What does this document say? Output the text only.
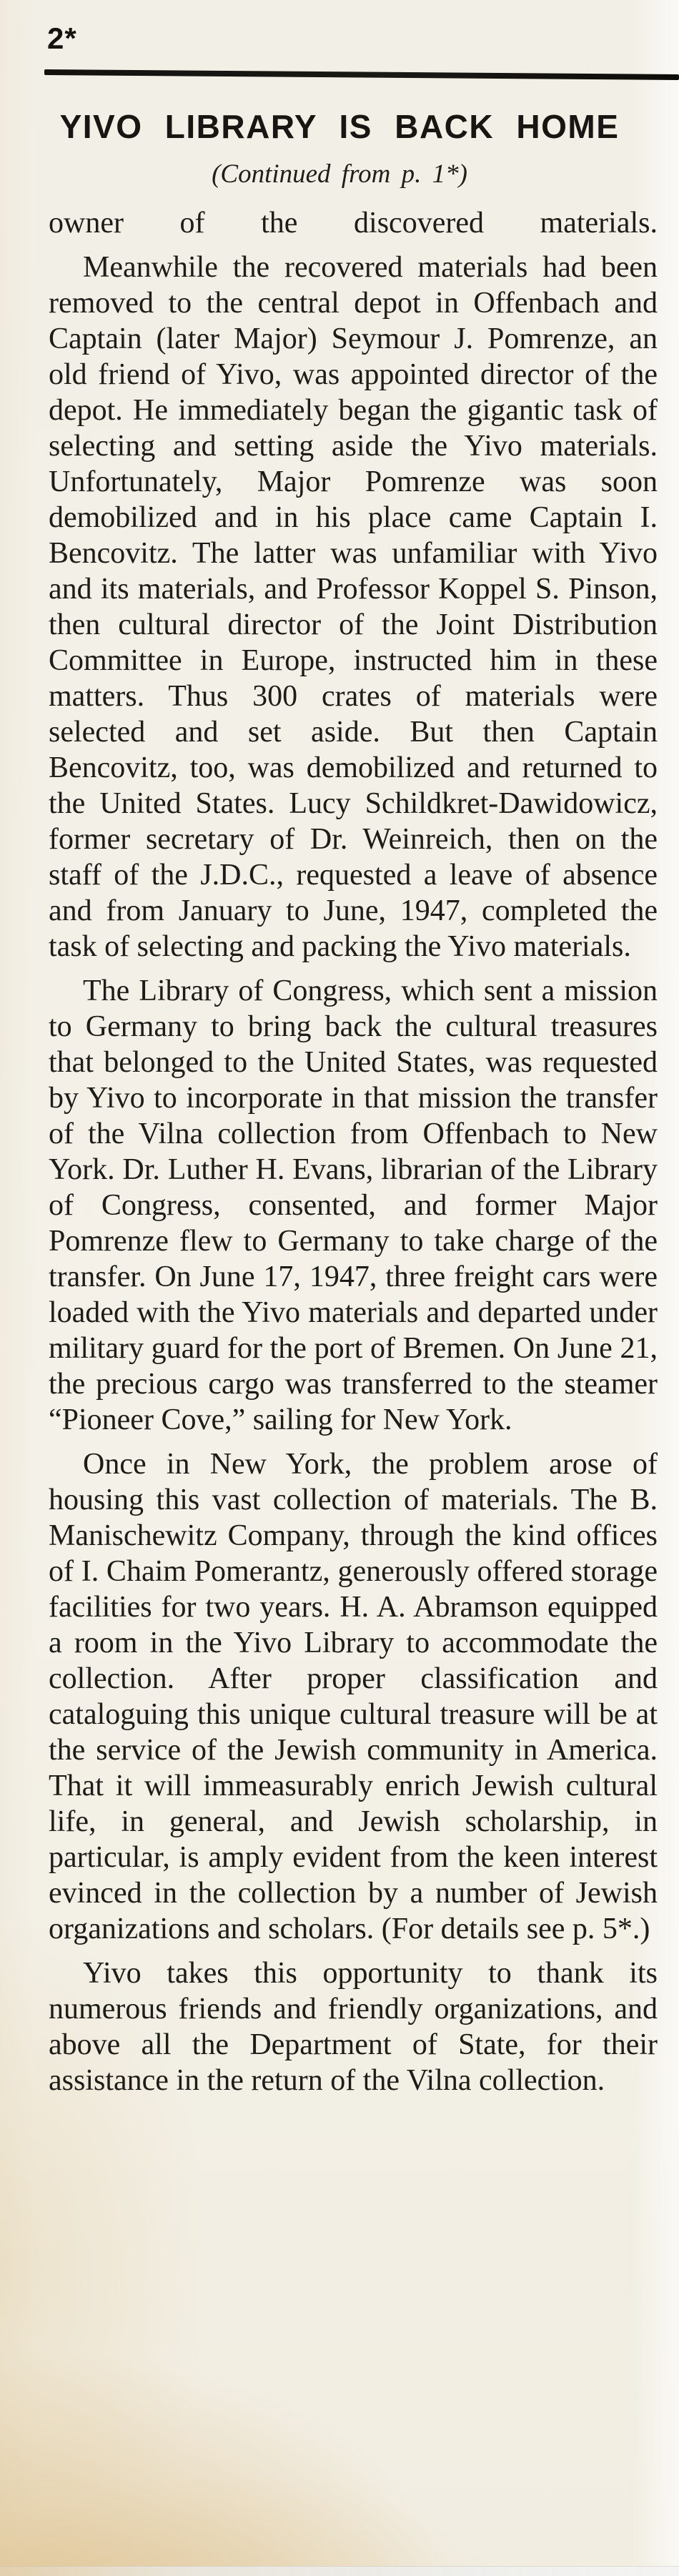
2*
YIVO LIBRARY IS BACK HOME
(Continued from p. 1*)

owner of the discovered materials.

Meanwhile the recovered materials had been removed to the central depot in Offenbach and Captain (later Major) Seymour J. Pomrenze, an old friend of Yivo, was appointed director of the depot. He immediately began the gigantic task of selecting and setting aside the Yivo materials. Unfortunately, Major Pomrenze was soon demobilized and in his place came Captain I. Bencovitz. The latter was unfamiliar with Yivo and its materials, and Professor Koppel S. Pinson, then cultural director of the Joint Distribution Committee in Europe, instructed him in these matters. Thus 300 crates of materials were selected and set aside. But then Captain Bencovitz, too, was demobilized and returned to the United States. Lucy Schildkret-Dawidowicz, former secretary of Dr. Weinreich, then on the staff of the J.D.C., requested a leave of absence and from January to June, 1947, completed the task of selecting and packing the Yivo materials.

The Library of Congress, which sent a mission to Germany to bring back the cultural treasures that belonged to the United States, was requested by Yivo to incorporate in that mission the transfer of the Vilna collection from Offenbach to New York. Dr. Luther H. Evans, librarian of the Library of Congress, consented, and former Major Pomrenze flew to Germany to take charge of the transfer. On June 17, 1947, three freight cars were loaded with the Yivo materials and departed under military guard for the port of Bremen. On June 21, the precious cargo was transferred to the steamer “Pioneer Cove,” sailing for New York.

Once in New York, the problem arose of housing this vast collection of materials. The B. Manischewitz Company, through the kind offices of I. Chaim Pomerantz, generously offered storage facilities for two years. H. A. Abramson equipped a room in the Yivo Library to accommodate the collection. After proper classification and cataloguing this unique cultural treasure will be at the service of the Jewish community in America. That it will immeasurably enrich Jewish cultural life, in general, and Jewish scholarship, in particular, is amply evident from the keen interest evinced in the collection by a number of Jewish organizations and scholars. (For details see p. 5*.)

Yivo takes this opportunity to thank its numerous friends and friendly organizations, and above all the Department of State, for their assistance in the return of the Vilna collection.
